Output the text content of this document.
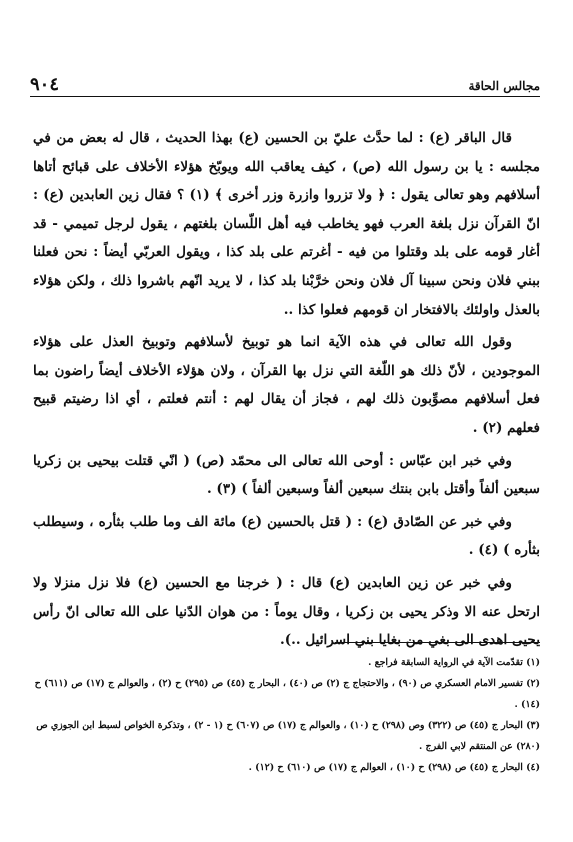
مجالس الحاقة
٩٠٤

قال الباقر (ع) : لما حدَّث عليّ بن الحسين (ع) بهذا الحديث ، قال له بعض من في مجلسه : يا بن رسول الله (ص) ، كيف يعاقب الله ويوبّخ هؤلاء الأخلاف على قبائح أتاها أسلافهم وهو تعالى يقول : ﴿ ولا تزروا وازرة وزر أخرى ﴾ (١) ؟ فقال زين العابدين (ع) : انّ القرآن نزل بلغة العرب فهو يخاطب فيه أهل اللّسان بلغتهم ، يقول لرجل تميمي - قد أغار قومه على بلد وقتلوا من فيه - أغرتم على بلد كذا ، ويقول العربّي أيضاً : نحن فعلنا ببني فلان ونحن سبينا آل فلان ونحن خرَّبْنا بلد كذا ، لا يريد انّهم باشروا ذلك ، ولكن هؤلاء بالعذل واولئك بالافتخار ان قومهم فعلوا كذا ..

وقول الله تعالى في هذه الآية انما هو توبيخ لأسلافهم وتوبيخ العذل على هؤلاء الموجودين ، لأنّ ذلك هو اللّغة التي نزل بها القرآن ، ولان هؤلاء الأخلاف أيضاً راضون بما فعل أسلافهم مصوِّبون ذلك لهم ، فجاز أن يقال لهم : أنتم فعلتم ، أي اذا رضيتم قبيح فعلهم (٢) .

وفي خبر ابن عبّاس : أوحى الله تعالى الى محمّد (ص) ( انّي قتلت بيحيى بن زكريا سبعين ألفاً وأقتل بابن بنتك سبعين ألفاً وسبعين ألفاً ) (٣) .

وفي خبر عن الصّادق (ع) : ( قتل بالحسين (ع) مائة الف وما طلب بثأره ، وسيطلب بثأره ) (٤) .

وفي خبر عن زين العابدين (ع) قال : ( خرجنا مع الحسين (ع) فلا نزل منزلا ولا ارتحل عنه الا وذكر يحيى بن زكريا ، وقال يوماً : من هوان الدّنيا على الله تعالى انّ رأس يحيى اهدى الى بغي من بغايا بني اسرائيل ..).

(١) تقدّمت الآية في الرواية السابقة فراجع .
(٢) تفسير الامام العسكري ص (٩٠) ، والاحتجاج ج (٢) ص (٤٠) ، البحار ج (٤٥) ص (٢٩٥) ح (٢) ، والعوالم ج (١٧) ص (٦١١) ح (١٤) .
(٣) البحار ج (٤٥) ص (٣٢٢) وص (٢٩٨) ح (١٠) ، والعوالم ج (١٧) ص (٦٠٧) ح (١ - ٢) ، وتذكرة الخواص لسبط ابن الجوزي ص (٢٨٠) عن المنتقم لابي الفرج .
(٤) البحار ج (٤٥) ص (٢٩٨) ح (١٠) ، العوالم ج (١٧) ص (٦١٠) ح (١٢) .
